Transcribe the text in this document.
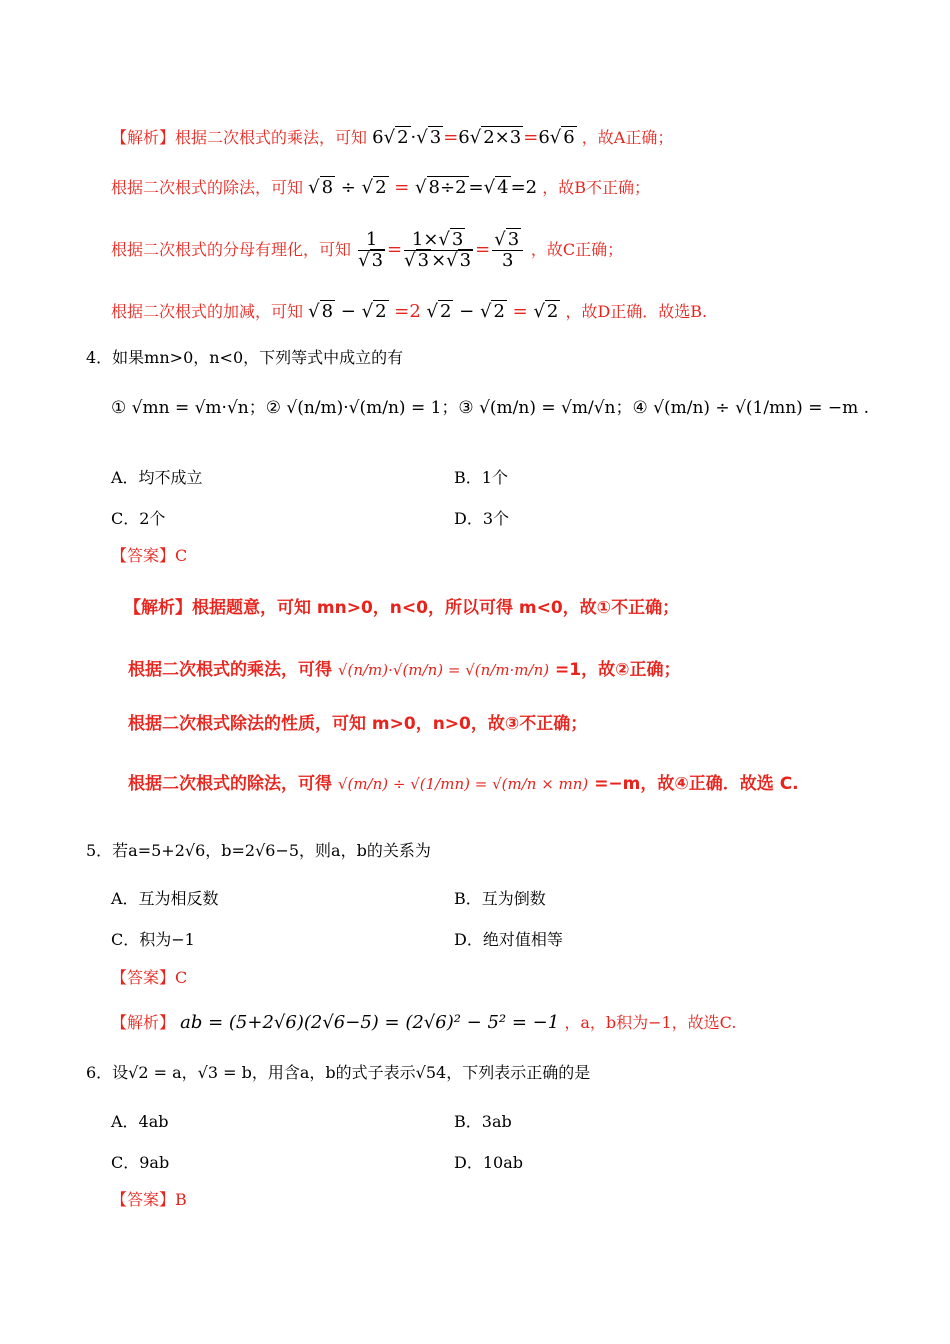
【解析】根据二次根式的乘法，可知 6√ 2 ·√ 3 =6√ 2×3 =6√ 6 ，故A正确；
根据二次根式的除法，可知 √ 8 ÷ √ 2 = √ 8÷2 =√ 4 =2 ，故B不正确；
根据二次根式的分母有理化，可知 $\frac{1}{√ 3} = \frac{1\times√ 3}{√ 3 \times√ 3} = \frac{√ 3}{3}$ ，故C正确；
根据二次根式的加减，可知 √ 8 − √ 2 =2 √ 2 − √ 2 = √ 2 ，故D正确．故选B.
4．如果mn>0，n<0，下列等式中成立的有
① √mn = √m·√n；② √(n/m)·√(m/n) = 1；③ √(m/n) = √m/√n；④ √(m/n) ÷ √(1/mn) = −m .
A．均不成立	B．1个
C．2个	D．3个
【答案】C
【解析】根据题意，可知 mn>0，n<0，所以可得 m<0，故①不正确；
根据二次根式的乘法，可得 √(n/m)·√(m/n) = √(n/m·m/n) =1，故②正确；
根据二次根式除法的性质，可知 m>0，n>0，故③不正确；
根据二次根式的除法，可得 √(m/n) ÷ √(1/mn) = √(m/n × mn) =−m，故④正确．故选 C.
5．若a=5+2√6，b=2√6−5，则a，b的关系为
A．互为相反数	B．互为倒数
C．积为−1	D．绝对值相等
【答案】C
【解析】 ab = (5+2√6)(2√6−5) = (2√6)² − 5² = −1 ，a，b积为−1，故选C.
6．设√2 = a，√3 = b，用含a，b的式子表示√54，下列表示正确的是
A．4ab	B．3ab
C．9ab	D．10ab
【答案】B
